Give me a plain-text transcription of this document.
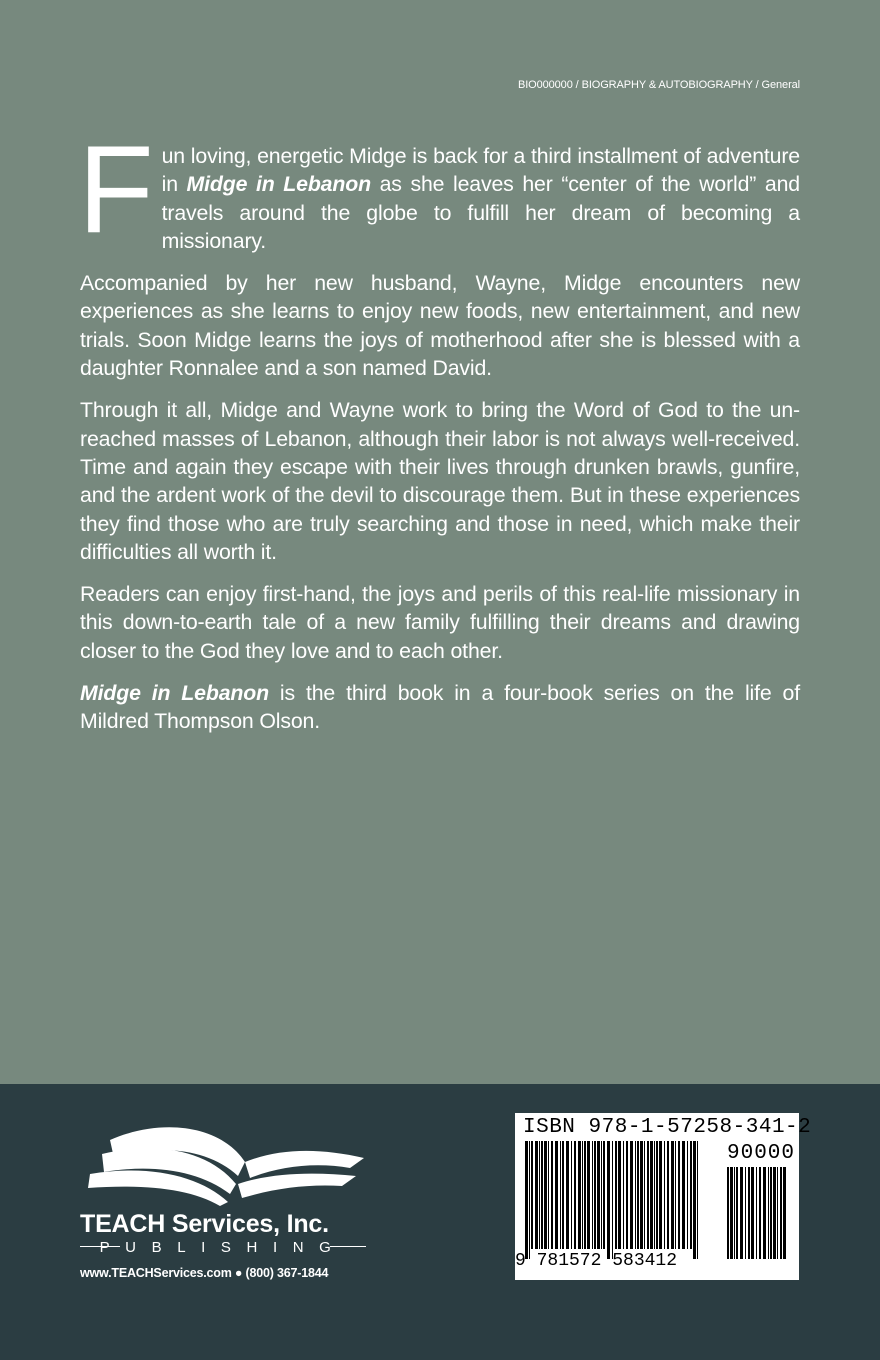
BIO000000 / BIOGRAPHY & AUTOBIOGRAPHY / General

Fun loving, energetic Midge is back for a third installment of adventure in Midge in Lebanon as she leaves her “center of the world” and travels around the globe to fulfill her dream of becoming a missionary.

Accompanied by her new husband, Wayne, Midge encounters new experiences as she learns to enjoy new foods, new entertainment, and new trials. Soon Midge learns the joys of motherhood after she is blessed with a daughter Ronnalee and a son named David.

Through it all, Midge and Wayne work to bring the Word of God to the un-reached masses of Lebanon, although their labor is not always well-received. Time and again they escape with their lives through drunken brawls, gunfire, and the ardent work of the devil to discourage them. But in these experiences they find those who are truly searching and those in need, which make their difficulties all worth it.

Readers can enjoy first-hand, the joys and perils of this real-life missionary in this down-to-earth tale of a new family fulfilling their dreams and drawing closer to the God they love and to each other.

Midge in Lebanon is the third book in a four-book series on the life of Mildred Thompson Olson.

TEACH Services, Inc.
PUBLISHING
www.TEACHServices.com ● (800) 367-1844
ISBN 978-1-57258-341-2
90000
9 781572 583412
